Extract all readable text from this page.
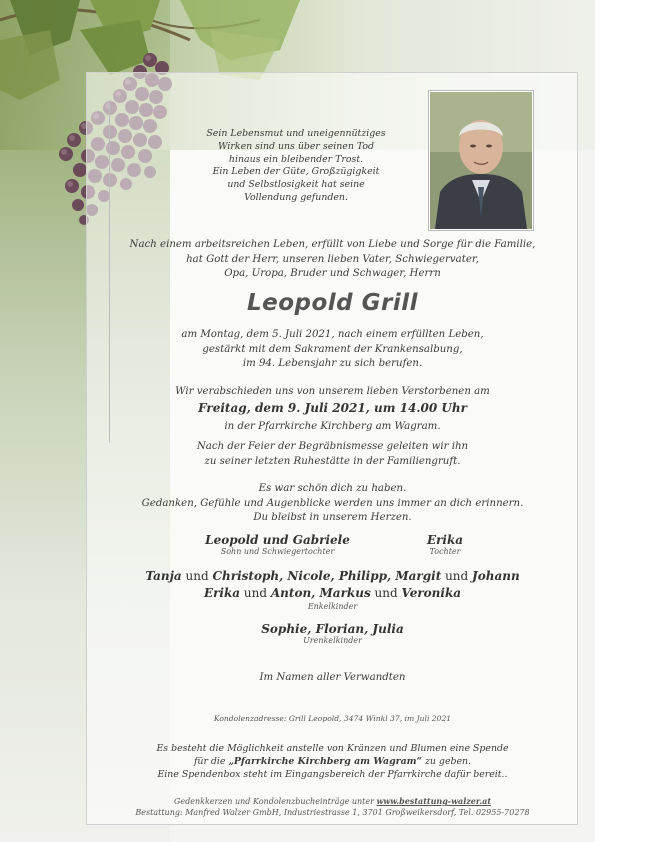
Sein Lebensmut und uneigennütziges
Wirken sind uns über seinen Tod
hinaus ein bleibender Trost.
Ein Leben der Güte, Großzügigkeit
und Selbstlosigkeit hat seine
Vollendung gefunden.
Nach einem arbeitsreichen Leben, erfüllt von Liebe und Sorge für die Familie,
hat Gott der Herr, unseren lieben Vater, Schwiegervater,
Opa, Uropa, Bruder und Schwager, Herrn
Leopold Grill
am Montag, dem 5. Juli 2021, nach einem erfüllten Leben,
gestärkt mit dem Sakrament der Krankensalbung,
im 94. Lebensjahr zu sich berufen.
Wir verabschieden uns von unserem lieben Verstorbenen am
Freitag, dem 9. Juli 2021, um 14.00 Uhr
in der Pfarrkirche Kirchberg am Wagram.
Nach der Feier der Begräbnismesse geleiten wir ihn
zu seiner letzten Ruhestätte in der Familiengruft.
Es war schön dich zu haben.
Gedanken, Gefühle und Augenblicke werden uns immer an dich erinnern.
Du bleibst in unserem Herzen.
Leopold und Gabriele
Sohn und Schwiegertochter
Erika
Tochter
Tanja und Christoph, Nicole, Philipp, Margit und Johann
Erika und Anton, Markus und Veronika
Enkelkinder
Sophie, Florian, Julia
Urenkelkinder
Im Namen aller Verwandten
Kondolenzadresse: Grill Leopold, 3474 Winkl 37, im Juli 2021
Es besteht die Möglichkeit anstelle von Kränzen und Blumen eine Spende
für die „Pfarrkirche Kirchberg am Wagram“ zu geben.
Eine Spendenbox steht im Eingangsbereich der Pfarrkirche dafür bereit..
Gedenkkerzen und Kondolenzbucheinträge unter www.bestattung-walzer.at
Bestattung: Manfred Walzer GmbH, Industriestrasse 1, 3701 Großweikersdorf, Tel. 02955-70278
